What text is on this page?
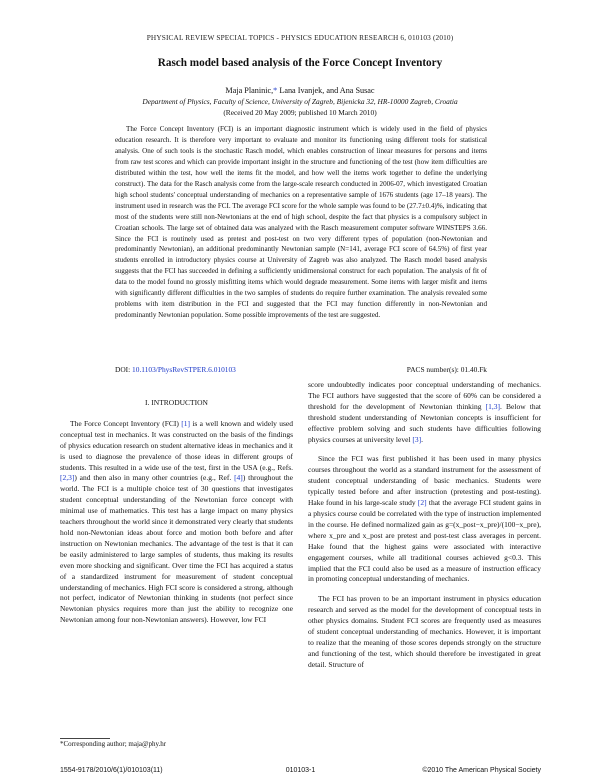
PHYSICAL REVIEW SPECIAL TOPICS - PHYSICS EDUCATION RESEARCH 6, 010103 (2010)
Rasch model based analysis of the Force Concept Inventory
Maja Planinic,* Lana Ivanjek, and Ana Susac
Department of Physics, Faculty of Science, University of Zagreb, Bijenicka 32, HR-10000 Zagreb, Croatia
(Received 20 May 2009; published 10 March 2010)

The Force Concept Inventory (FCI) is an important diagnostic instrument which is widely used in the field of physics education research. It is therefore very important to evaluate and monitor its functioning using different tools for statistical analysis. One of such tools is the stochastic Rasch model, which enables construction of linear measures for persons and items from raw test scores and which can provide important insight in the structure and functioning of the test (how item difficulties are distributed within the test, how well the items fit the model, and how well the items work together to define the underlying construct). The data for the Rasch analysis come from the large-scale research conducted in 2006-07, which investigated Croatian high school students' conceptual understanding of mechanics on a representative sample of 1676 students (age 17–18 years). The instrument used in research was the FCI. The average FCI score for the whole sample was found to be (27.7±0.4)%, indicating that most of the students were still non-Newtonians at the end of high school, despite the fact that physics is a compulsory subject in Croatian schools. The large set of obtained data was analyzed with the Rasch measurement computer software WINSTEPS 3.66. Since the FCI is routinely used as pretest and post-test on two very different types of population (non-Newtonian and predominantly Newtonian), an additional predominantly Newtonian sample (N=141, average FCI score of 64.5%) of first year students enrolled in introductory physics course at University of Zagreb was also analyzed. The Rasch model based analysis suggests that the FCI has succeeded in defining a sufficiently unidimensional construct for each population. The analysis of fit of data to the model found no grossly misfitting items which would degrade measurement. Some items with larger misfit and items with significantly different difficulties in the two samples of students do require further examination. The analysis revealed some problems with item distribution in the FCI and suggested that the FCI may function differently in non-Newtonian and predominantly Newtonian population. Some possible improvements of the test are suggested.

DOI: 10.1103/PhysRevSTPER.6.010103	PACS number(s): 01.40.Fk
I. INTRODUCTION

The Force Concept Inventory (FCI) [1] is a well known and widely used conceptual test in mechanics. It was constructed on the basis of the findings of physics education research on student alternative ideas in mechanics and it is used to diagnose the prevalence of those ideas in different groups of students. This resulted in a wide use of the test, first in the USA (e.g., Refs. [2,3]) and then also in many other countries (e.g., Ref. [4]) throughout the world. The FCI is a multiple choice test of 30 questions that investigates student conceptual understanding of the Newtonian force concept with minimal use of mathematics. This test has a large impact on many physics teachers throughout the world since it demonstrated very clearly that students hold non-Newtonian ideas about force and motion both before and after instruction on Newtonian mechanics. The advantage of the test is that it can be easily administered to large samples of students, thus making its results even more shocking and significant. Over time the FCI has acquired a status of a standardized instrument for measurement of student conceptual understanding of mechanics. High FCI score is considered a strong, although not perfect, indicator of Newtonian thinking in students (not perfect since Newtonian physics requires more than just the ability to recognize one Newtonian among four non-Newtonian answers). However, low FCI

score undoubtedly indicates poor conceptual understanding of mechanics. The FCI authors have suggested that the score of 60% can be considered a threshold for the development of Newtonian thinking [1,3]. Below that threshold student understanding of Newtonian concepts is insufficient for effective problem solving and such students have difficulties following physics courses at university level [3].

Since the FCI was first published it has been used in many physics courses throughout the world as a standard instrument for the assessment of student conceptual understanding of basic mechanics. Students were typically tested before and after instruction (pretesting and post-testing). Hake found in his large-scale study [2] that the average FCI student gains in a physics course could be correlated with the type of instruction implemented in the course. He defined normalized gain as g=(x_post−x_pre)/(100−x_pre), where x_pre and x_post are pretest and post-test class averages in percent. Hake found that the highest gains were associated with interactive engagement courses, while all traditional courses achieved g<0.3. This implied that the FCI could also be used as a measure of instruction efficacy in promoting conceptual understanding of mechanics.

The FCI has proven to be an important instrument in physics education research and served as the model for the development of conceptual tests in other physics domains. Student FCI scores are frequently used as measures of student conceptual understanding of mechanics. However, it is important to realize that the meaning of those scores depends strongly on the structure and functioning of the test, which should therefore be investigated in great detail. Structure of

*Corresponding author; maja@phy.hr
1554-9178/2010/6(1)/010103(11)	010103-1	©2010 The American Physical Society
